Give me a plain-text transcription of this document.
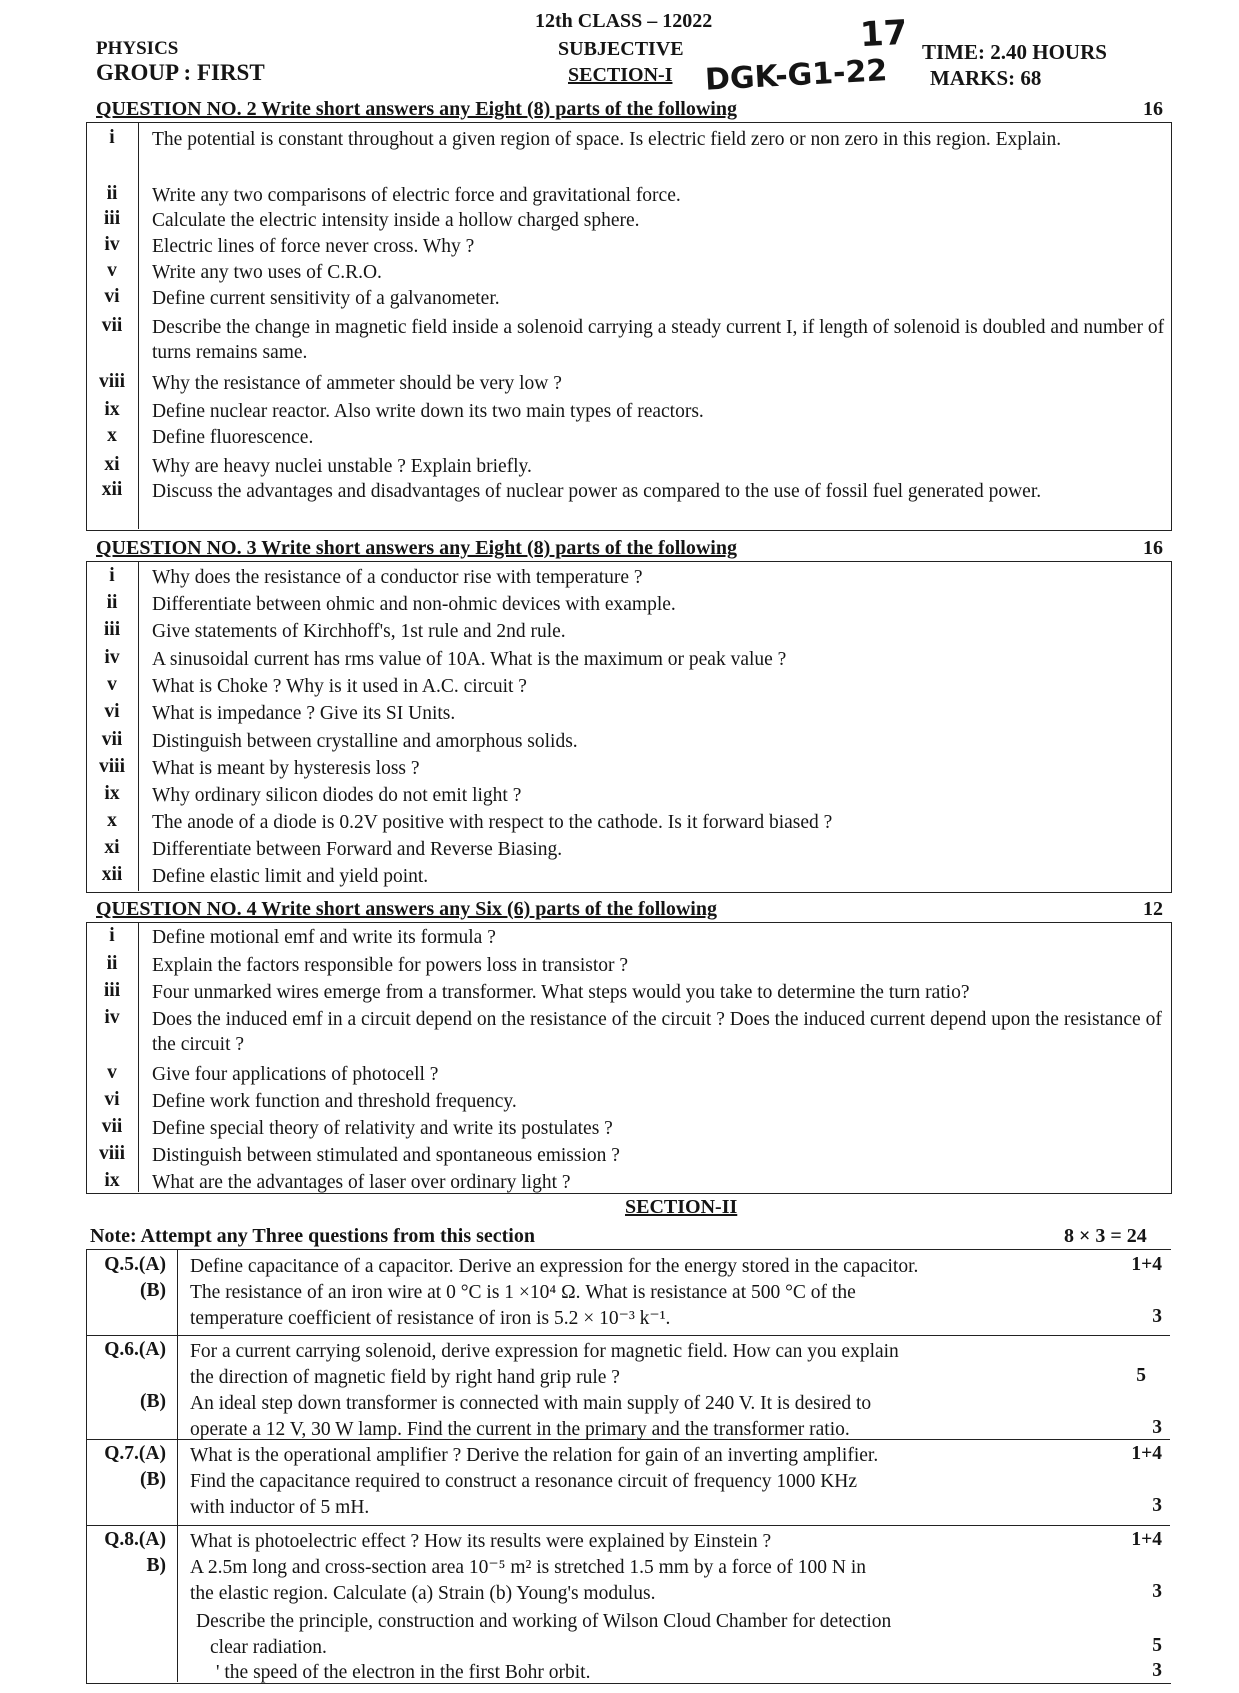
12th CLASS – 12022
PHYSICS
GROUP : FIRST
SUBJECTIVE
SECTION-I
TIME: 2.40 HOURS
MARKS: 68
DGK-G1-22
17
QUESTION NO. 2 Write short answers any Eight (8) parts of the following	16
i	The potential is constant throughout a given region of space. Is electric field zero or non zero in this region. Explain.
ii	Write any two comparisons of electric force and gravitational force.
iii	Calculate the electric intensity inside a hollow charged sphere.
iv	Electric lines of force never cross. Why ?
v	Write any two uses of C.R.O.
vi	Define current sensitivity of a galvanometer.
vii	Describe the change in magnetic field inside a solenoid carrying a steady current I, if length of solenoid is doubled and number of turns remains same.
viii	Why the resistance of ammeter should be very low ?
ix	Define nuclear reactor. Also write down its two main types of reactors.
x	Define fluorescence.
xi	Why are heavy nuclei unstable ? Explain briefly.
xii	Discuss the advantages and disadvantages of nuclear power as compared to the use of fossil fuel generated power.
QUESTION NO. 3 Write short answers any Eight (8) parts of the following	16
i	Why does the resistance of a conductor rise with temperature ?
ii	Differentiate between ohmic and non-ohmic devices with example.
iii	Give statements of Kirchhoff's, 1st rule and 2nd rule.
iv	A sinusoidal current has rms value of 10A. What is the maximum or peak value ?
v	What is Choke ? Why is it used in A.C. circuit ?
vi	What is impedance ? Give its SI Units.
vii	Distinguish between crystalline and amorphous solids.
viii	What is meant by hysteresis loss ?
ix	Why ordinary silicon diodes do not emit light ?
x	The anode of a diode is 0.2V positive with respect to the cathode. Is it forward biased ?
xi	Differentiate between Forward and Reverse Biasing.
xii	Define elastic limit and yield point.
QUESTION NO. 4 Write short answers any Six (6) parts of the following	12
i	Define motional emf and write its formula ?
ii	Explain the factors responsible for powers loss in transistor ?
iii	Four unmarked wires emerge from a transformer. What steps would you take to determine the turn ratio?
iv	Does the induced emf in a circuit depend on the resistance of the circuit ? Does the induced current depend upon the resistance of the circuit ?
v	Give four applications of photocell ?
vi	Define work function and threshold frequency.
vii	Define special theory of relativity and write its postulates ?
viii	Distinguish between stimulated and spontaneous emission ?
ix	What are the advantages of laser over ordinary light ?
SECTION-II
Note: Attempt any Three questions from this section	8 × 3 = 24
Q.5.(A) Define capacitance of a capacitor. Derive an expression for the energy stored in the capacitor.	1+4
(B) The resistance of an iron wire at 0 °C is 1 ×10⁴ Ω. What is resistance at 500 °C of the
temperature coefficient of resistance of iron is 5.2 × 10⁻³ k⁻¹.	3
Q.6.(A) For a current carrying solenoid, derive expression for magnetic field. How can you explain
the direction of magnetic field by right hand grip rule ?	5
(B) An ideal step down transformer is connected with main supply of 240 V. It is desired to
operate a 12 V, 30 W lamp. Find the current in the primary and the transformer ratio.	3
Q.7.(A) What is the operational amplifier ? Derive the relation for gain of an inverting amplifier.	1+4
(B) Find the capacitance required to construct a resonance circuit of frequency 1000 KHz
with inductor of 5 mH.	3
Q.8.(A) What is photoelectric effect ? How its results were explained by Einstein ?	1+4
B) A 2.5m long and cross-section area 10⁻⁵ m² is stretched 1.5 mm by a force of 100 N in
the elastic region. Calculate (a) Strain (b) Young's modulus.	3
Describe the principle, construction and working of Wilson Cloud Chamber for detection
clear radiation.	5
' the speed of the electron in the first Bohr orbit.	3
